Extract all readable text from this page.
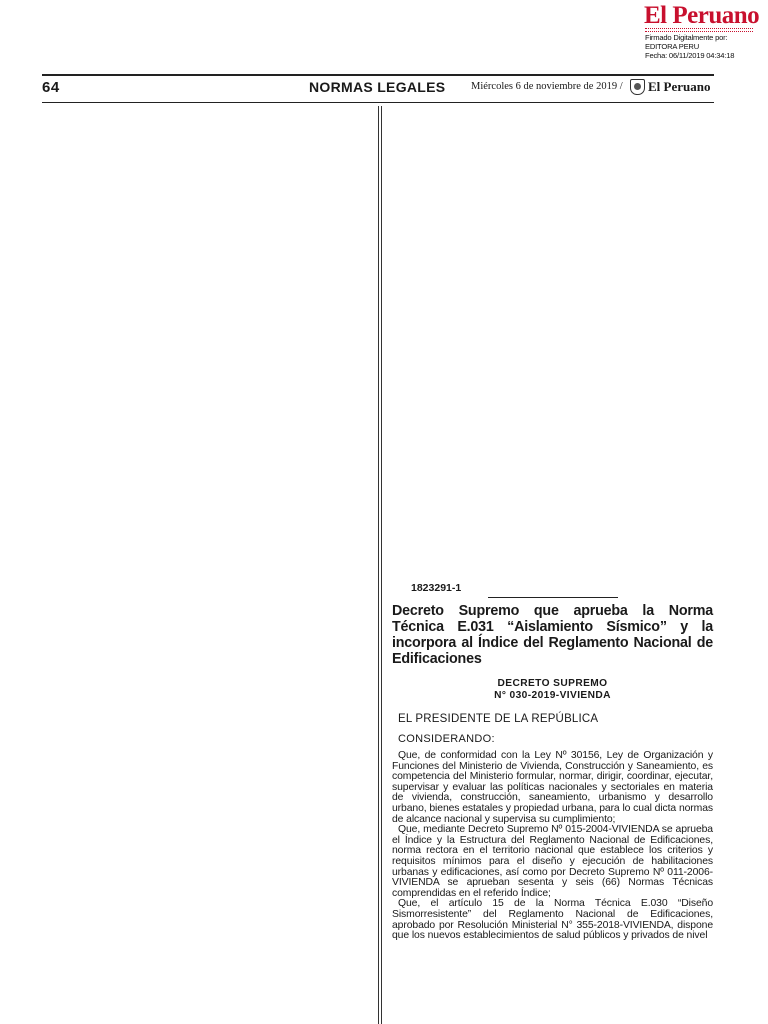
El Peruano
Firmado Digitalmente por:
EDITORA PERU
Fecha: 06/11/2019 04:34:18
64	NORMAS LEGALES Miércoles 6 de noviembre de 2019 / El Peruano
1823291-1
Decreto Supremo que aprueba la Norma Técnica E.031 “Aislamiento Sísmico” y la incorpora al Índice del Reglamento Nacional de Edificaciones
DECRETO SUPREMO
N° 030-2019-VIVIENDA
EL PRESIDENTE DE LA REPÚBLICA
CONSIDERANDO:

Que, de conformidad con la Ley Nº 30156, Ley de Organización y Funciones del Ministerio de Vivienda, Construcción y Saneamiento, es competencia del Ministerio formular, normar, dirigir, coordinar, ejecutar, supervisar y evaluar las políticas nacionales y sectoriales en materia de vivienda, construcción, saneamiento, urbanismo y desarrollo urbano, bienes estatales y propiedad urbana, para lo cual dicta normas de alcance nacional y supervisa su cumplimiento;

Que, mediante Decreto Supremo Nº 015-2004-VIVIENDA se aprueba el Índice y la Estructura del Reglamento Nacional de Edificaciones, norma rectora en el territorio nacional que establece los criterios y requisitos mínimos para el diseño y ejecución de habilitaciones urbanas y edificaciones, así como por Decreto Supremo Nº 011-2006-VIVIENDA se aprueban sesenta y seis (66) Normas Técnicas comprendidas en el referido Índice;

Que, el artículo 15 de la Norma Técnica E.030 “Diseño Sismorresistente” del Reglamento Nacional de Edificaciones, aprobado por Resolución Ministerial N° 355-2018-VIVIENDA, dispone que los nuevos establecimientos de salud públicos y privados de nivel
